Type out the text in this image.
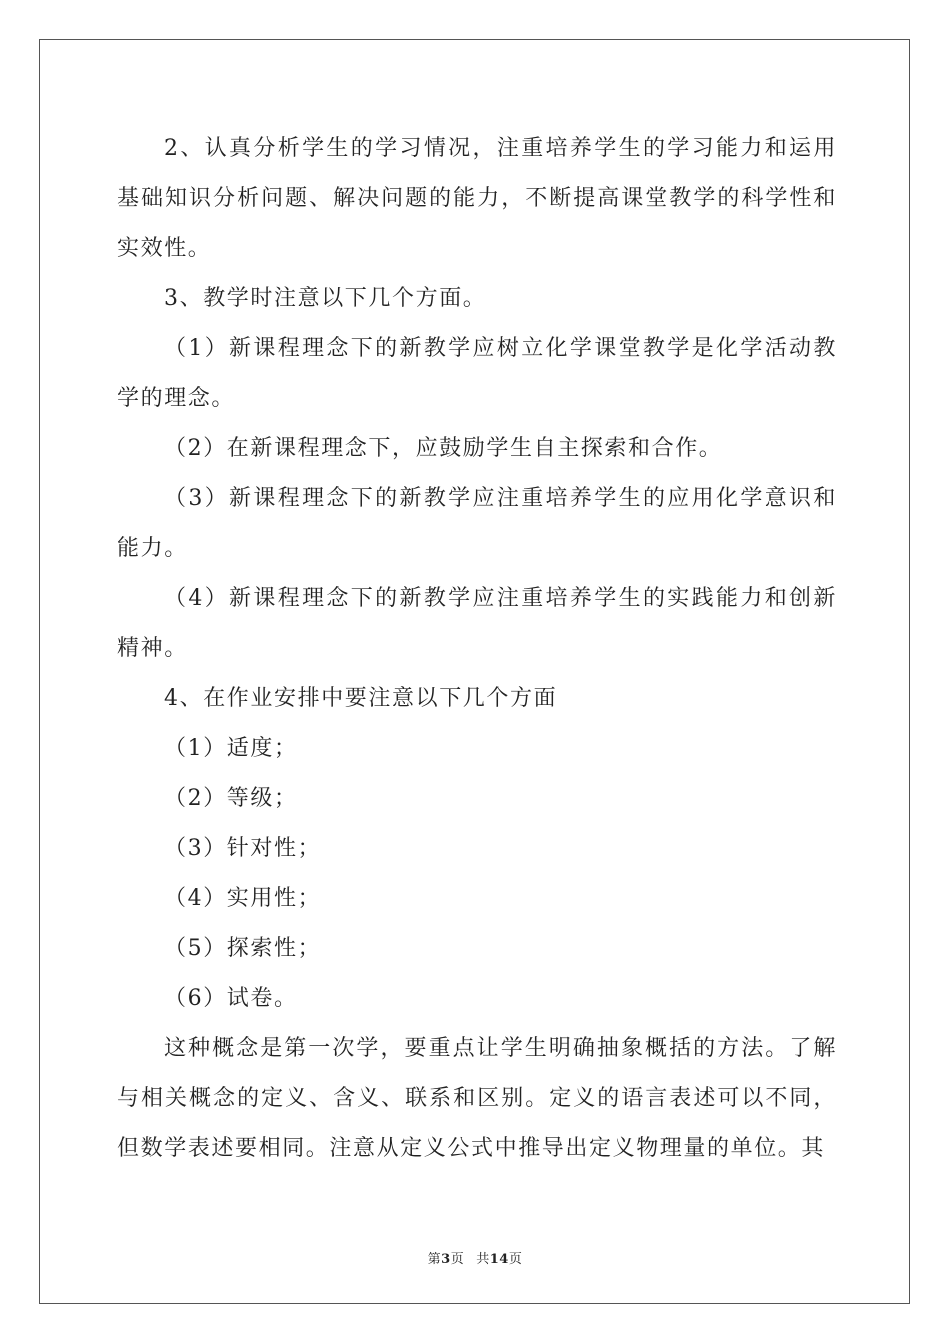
2、认真分析学生的学习情况，注重培养学生的学习能力和运用基础知识分析问题、解决问题的能力，不断提高课堂教学的科学性和实效性。

3、教学时注意以下几个方面。

（1）新课程理念下的新教学应树立化学课堂教学是化学活动教学的理念。

（2）在新课程理念下，应鼓励学生自主探索和合作。

（3）新课程理念下的新教学应注重培养学生的应用化学意识和能力。

（4）新课程理念下的新教学应注重培养学生的实践能力和创新精神。

4、在作业安排中要注意以下几个方面

（1）适度；

（2）等级；

（3）针对性；

（4）实用性；

（5）探索性；

（6）试卷。

这种概念是第一次学，要重点让学生明确抽象概括的方法。了解与相关概念的定义、含义、联系和区别。定义的语言表述可以不同，但数学表述要相同。注意从定义公式中推导出定义物理量的单位。其

第3页 共14页
